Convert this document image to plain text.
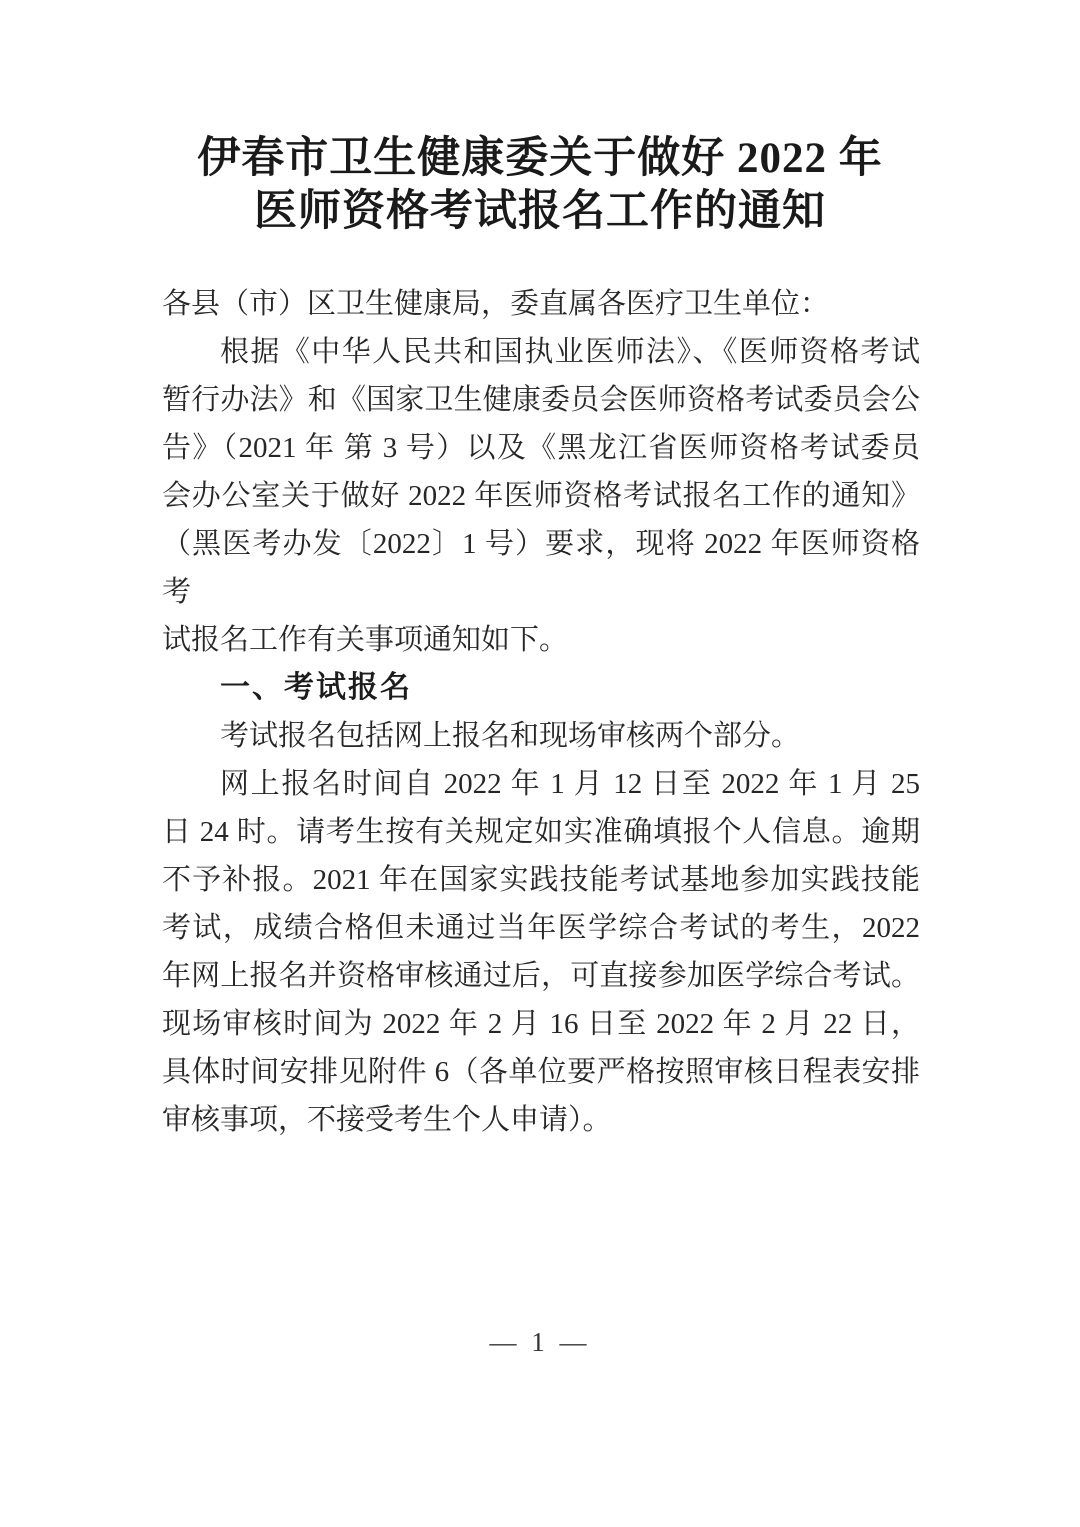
伊春市卫生健康委关于做好 2022 年
医师资格考试报名工作的通知
各县（市）区卫生健康局，委直属各医疗卫生单位：
根据《中华人民共和国执业医师法》、《医师资格考试
暂行办法》和《国家卫生健康委员会医师资格考试委员会公
告》（2021 年 第 3 号）以及《黑龙江省医师资格考试委员
会办公室关于做好 2022 年医师资格考试报名工作的通知》
（黑医考办发〔2022〕1 号）要求，现将 2022 年医师资格考
试报名工作有关事项通知如下。
一、考试报名
考试报名包括网上报名和现场审核两个部分。
网上报名时间自 2022 年 1 月 12 日至 2022 年 1 月 25
日 24 时。请考生按有关规定如实准确填报个人信息。逾期
不予补报。2021 年在国家实践技能考试基地参加实践技能
考试，成绩合格但未通过当年医学综合考试的考生，2022
年网上报名并资格审核通过后，可直接参加医学综合考试。
现场审核时间为 2022 年 2 月 16 日至 2022 年 2 月 22 日，
具体时间安排见附件 6（各单位要严格按照审核日程表安排
审核事项，不接受考生个人申请）。
— 1 —
